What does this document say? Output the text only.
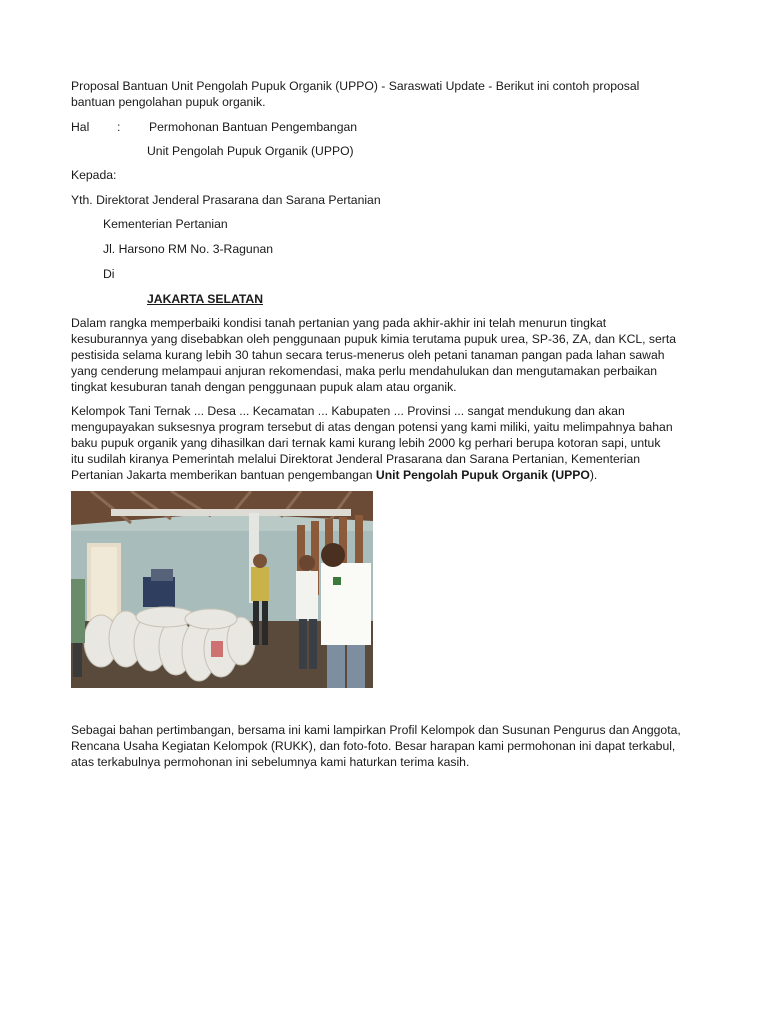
Proposal Bantuan Unit Pengolah Pupuk Organik (UPPO) - Saraswati Update - Berikut ini contoh proposal

bantuan pengolahan pupuk organik.

Hal : Permohonan Bantuan Pengembangan

Unit Pengolah Pupuk Organik (UPPO)

Kepada:

Yth. Direktorat Jenderal Prasarana dan Sarana Pertanian

Kementerian Pertanian

Jl. Harsono RM No. 3-Ragunan

Di

JAKARTA SELATAN

Dalam rangka memperbaiki kondisi tanah pertanian yang pada akhir-akhir ini telah menurun tingkat
kesuburannya yang disebabkan oleh penggunaan pupuk kimia terutama pupuk urea, SP-36, ZA, dan KCL, serta
pestisida selama kurang lebih 30 tahun secara terus-menerus oleh petani tanaman pangan pada lahan sawah
yang cenderung melampaui anjuran rekomendasi, maka perlu mendahulukan dan mengutamakan perbaikan
tingkat kesuburan tanah dengan penggunaan pupuk alam atau organik.
Kelompok Tani Ternak ... Desa ... Kecamatan ... Kabupaten ... Provinsi ... sangat mendukung dan akan
mengupayakan suksesnya program tersebut di atas dengan potensi yang kami miliki, yaitu melimpahnya bahan
baku pupuk organik yang dihasilkan dari ternak kami kurang lebih 2000 kg perhari berupa kotoran sapi, untuk
itu sudilah kiranya Pemerintah melalui Direktorat Jenderal Prasarana dan Sarana Pertanian, Kementerian
Pertanian Jakarta memberikan bantuan pengembangan Unit Pengolah Pupuk Organik (UPPO).
Sebagai bahan pertimbangan, bersama ini kami lampirkan Profil Kelompok dan Susunan Pengurus dan Anggota,
Rencana Usaha Kegiatan Kelompok (RUKK), dan foto-foto. Besar harapan kami permohonan ini dapat terkabul,
atas terkabulnya permohonan ini sebelumnya kami haturkan terima kasih.
